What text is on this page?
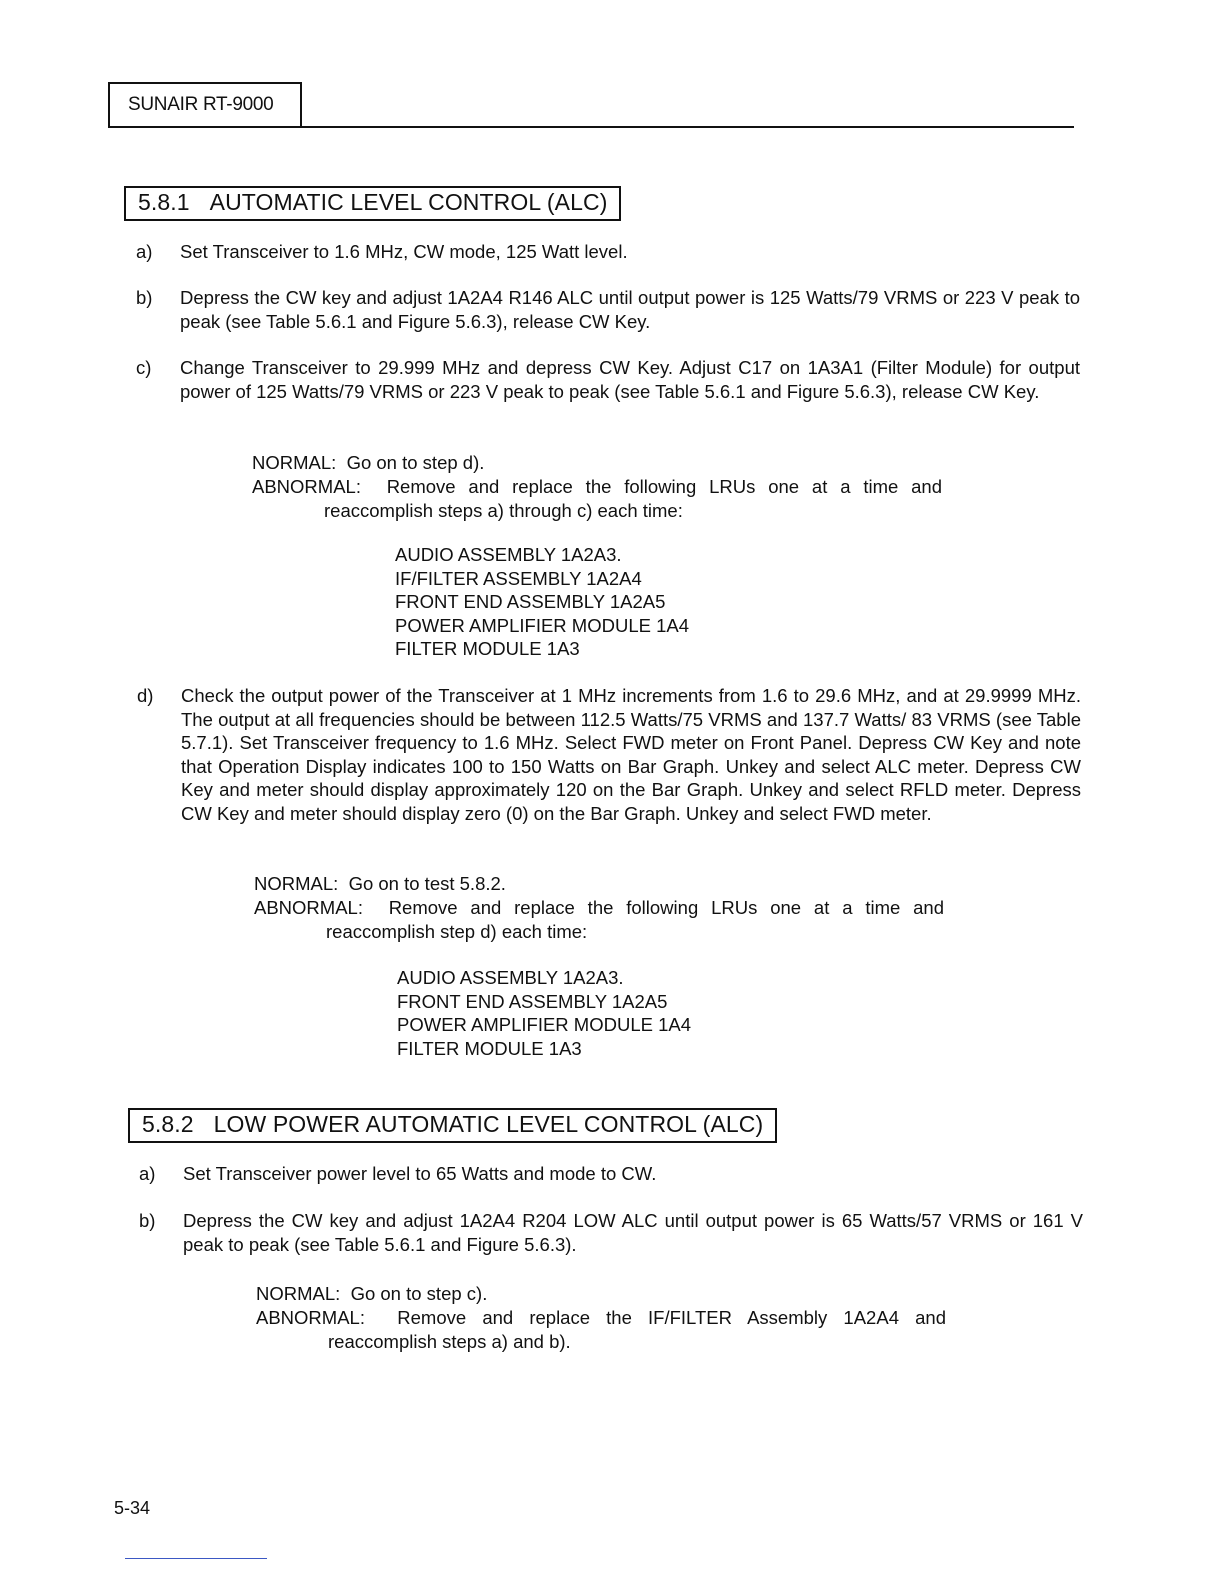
SUNAIR RT-9000
5.8.1 AUTOMATIC LEVEL CONTROL (ALC)
a) Set Transceiver to 1.6 MHz, CW mode, 125 Watt level.
b) Depress the CW key and adjust 1A2A4 R146 ALC until output power is 125 Watts/79 VRMS or 223 V peak to peak (see Table 5.6.1 and Figure 5.6.3), release CW Key.
c) Change Transceiver to 29.999 MHz and depress CW Key. Adjust C17 on 1A3A1 (Filter Module) for output power of 125 Watts/79 VRMS or 223 V peak to peak (see Table 5.6.1 and Figure 5.6.3), release CW Key.
NORMAL: Go on to step d).
ABNORMAL: Remove and replace the following LRUs one at a time and
reaccomplish steps a) through c) each time:
AUDIO ASSEMBLY 1A2A3.
IF/FILTER ASSEMBLY 1A2A4
FRONT END ASSEMBLY 1A2A5
POWER AMPLIFIER MODULE 1A4
FILTER MODULE 1A3
d) Check the output power of the Transceiver at 1 MHz increments from 1.6 to 29.6 MHz, and at 29.9999 MHz. The output at all frequencies should be between 112.5 Watts/75 VRMS and 137.7 Watts/ 83 VRMS (see Table 5.7.1). Set Transceiver frequency to 1.6 MHz. Select FWD meter on Front Panel. Depress CW Key and note that Operation Display indicates 100 to 150 Watts on Bar Graph. Unkey and select ALC meter. Depress CW Key and meter should display approximately 120 on the Bar Graph. Unkey and select RFLD meter. Depress CW Key and meter should display zero (0) on the Bar Graph. Unkey and select FWD meter.
NORMAL: Go on to test 5.8.2.
ABNORMAL: Remove and replace the following LRUs one at a time and
reaccomplish step d) each time:
AUDIO ASSEMBLY 1A2A3.
FRONT END ASSEMBLY 1A2A5
POWER AMPLIFIER MODULE 1A4
FILTER MODULE 1A3
5.8.2 LOW POWER AUTOMATIC LEVEL CONTROL (ALC)
a) Set Transceiver power level to 65 Watts and mode to CW.
b) Depress the CW key and adjust 1A2A4 R204 LOW ALC until output power is 65 Watts/57 VRMS or 161 V peak to peak (see Table 5.6.1 and Figure 5.6.3).
NORMAL: Go on to step c).
ABNORMAL: Remove and replace the IF/FILTER Assembly 1A2A4 and
reaccomplish steps a) and b).
5-34
